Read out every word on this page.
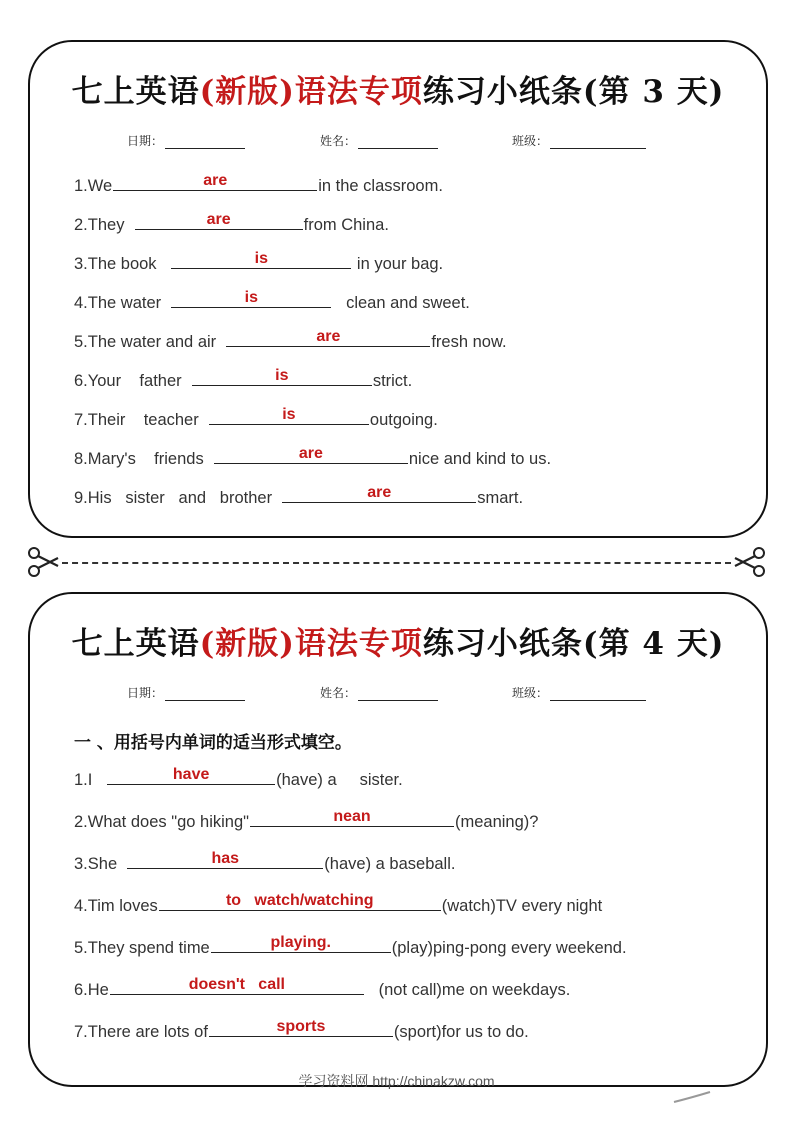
七上英语(新版)语法专项练习小纸条(第 3 天)
日期：	姓名：	班级：
1.We	are	in the classroom.
2.They	are	from China.
3.The book	is	in your bag.
4.The water	is	clean and sweet.
5.The water and air	are	fresh now.
6.Your    father	is	strict.
7.Their    teacher	is	outgoing.
8.Mary's    friends	are	nice and kind to us.
9.His   sister   and   brother	are	smart.
七上英语(新版)语法专项练习小纸条(第 4 天)
日期：	姓名：	班级：
一 、用括号内单词的适当形式填空。
1.I	have	(have) a     sister.
2.What does "go hiking"	nean	(meaning)?
3.She	has	(have) a baseball.
4.Tim loves	to   watch/watching	(watch)TV every night
5.They spend time	playing.	(play)ping-pong every weekend.
6.He	doesn't   call	(not call)me on weekdays.
7.There are lots of	sports	(sport)for us to do.
学习资料网 http://chinakzw.com
